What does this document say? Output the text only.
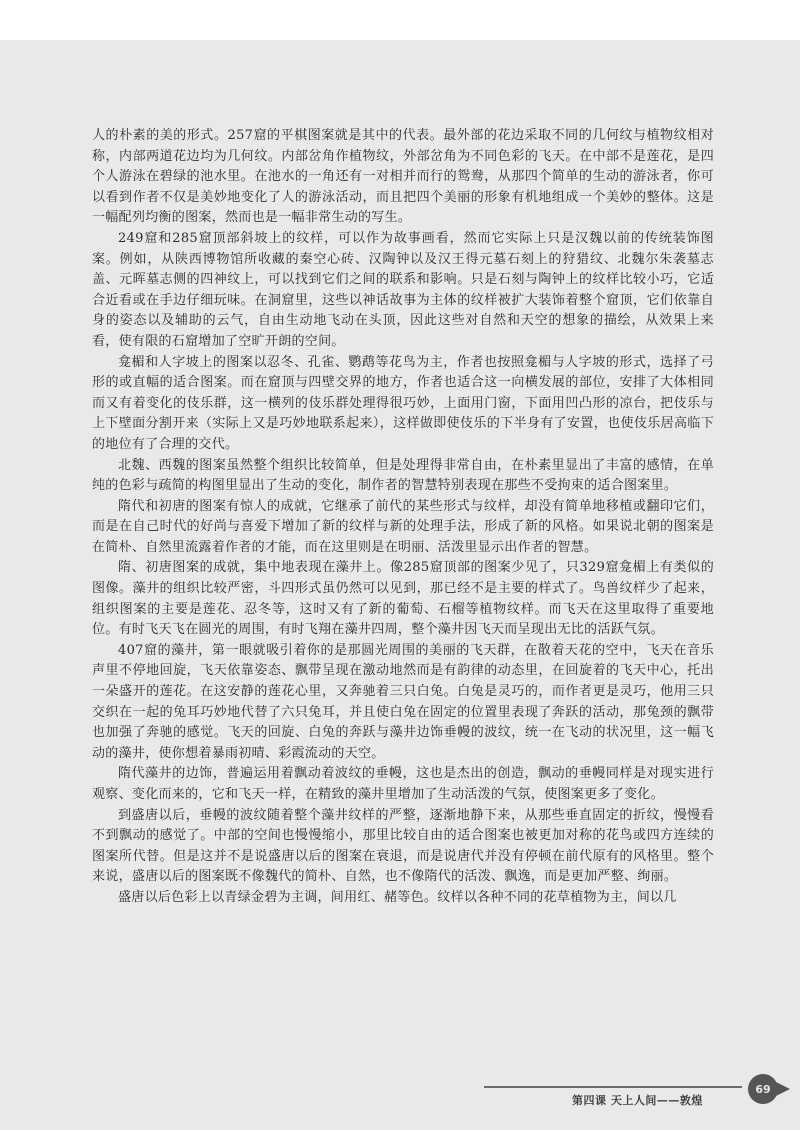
人的朴素的美的形式。257窟的平棋图案就是其中的代表。最外部的花边采取不同的几何纹与植物纹相对称，内部两道花边均为几何纹。内部岔角作植物纹，外部岔角为不同色彩的飞天。在中部不是莲花，是四个人游泳在碧绿的池水里。在池水的一角还有一对相并而行的鸳鸯，从那四个简单的生动的游泳者，你可以看到作者不仅是美妙地变化了人的游泳活动，而且把四个美丽的形象有机地组成一个美妙的整体。这是一幅配列均衡的图案，然而也是一幅非常生动的写生。

249窟和285窟顶部斜坡上的纹样，可以作为故事画看，然而它实际上只是汉魏以前的传统装饰图案。例如，从陕西博物馆所收藏的秦空心砖、汉陶钟以及汉王得元墓石刻上的狩猎纹、北魏尔朱袭墓志盖、元晖墓志侧的四神纹上，可以找到它们之间的联系和影响。只是石刻与陶钟上的纹样比较小巧，它适合近看或在手边仔细玩味。在洞窟里，这些以神话故事为主体的纹样被扩大装饰着整个窟顶，它们依靠自身的姿态以及辅助的云气，自由生动地飞动在头顶，因此这些对自然和天空的想象的描绘，从效果上来看，使有限的石窟增加了空旷开朗的空间。

龛楣和人字坡上的图案以忍冬、孔雀、鹦鹉等花鸟为主，作者也按照龛楣与人字坡的形式，选择了弓形的或直幅的适合图案。而在窟顶与四壁交界的地方，作者也适合这一向横发展的部位，安排了大体相同而又有着变化的伎乐群，这一横列的伎乐群处理得很巧妙，上面用门窗，下面用凹凸形的凉台，把伎乐与上下壁面分割开来（实际上又是巧妙地联系起来），这样做即使伎乐的下半身有了安置，也使伎乐居高临下的地位有了合理的交代。

北魏、西魏的图案虽然整个组织比较简单，但是处理得非常自由，在朴素里显出了丰富的感情，在单纯的色彩与疏简的构图里显出了生动的变化，制作者的智慧特别表现在那些不受拘束的适合图案里。

隋代和初唐的图案有惊人的成就，它继承了前代的某些形式与纹样，却没有简单地移植或翻印它们，而是在自己时代的好尚与喜爱下增加了新的纹样与新的处理手法，形成了新的风格。如果说北朝的图案是在简朴、自然里流露着作者的才能，而在这里则是在明丽、活泼里显示出作者的智慧。

隋、初唐图案的成就，集中地表现在藻井上。像285窟顶部的图案少见了，只329窟龛楣上有类似的图像。藻井的组织比较严密，斗四形式虽仍然可以见到，那已经不是主要的样式了。鸟兽纹样少了起来，组织图案的主要是莲花、忍冬等，这时又有了新的葡萄、石榴等植物纹样。而飞天在这里取得了重要地位。有时飞天飞在圆光的周围，有时飞翔在藻井四周，整个藻井因飞天而呈现出无比的活跃气氛。

407窟的藻井，第一眼就吸引着你的是那圆光周围的美丽的飞天群，在散着天花的空中，飞天在音乐声里不停地回旋，飞天依靠姿态、飘带呈现在激动地然而是有韵律的动态里，在回旋着的飞天中心，托出一朵盛开的莲花。在这安静的莲花心里，又奔驰着三只白兔。白兔是灵巧的，而作者更是灵巧，他用三只交织在一起的兔耳巧妙地代替了六只兔耳，并且使白兔在固定的位置里表现了奔跃的活动，那兔颈的飘带也加强了奔驰的感觉。飞天的回旋、白兔的奔跃与藻井边饰垂幔的波纹，统一在飞动的状况里，这一幅飞动的藻井，使你想着暴雨初晴、彩霞流动的天空。

隋代藻井的边饰，普遍运用着飘动着波纹的垂幔，这也是杰出的创造，飘动的垂幔同样是对现实进行观察、变化而来的，它和飞天一样，在精致的藻井里增加了生动活泼的气氛，使图案更多了变化。

到盛唐以后，垂幔的波纹随着整个藻井纹样的严整，逐渐地静下来，从那些垂直固定的折纹，慢慢看不到飘动的感觉了。中部的空间也慢慢缩小，那里比较自由的适合图案也被更加对称的花鸟或四方连续的图案所代替。但是这并不是说盛唐以后的图案在衰退，而是说唐代并没有停顿在前代原有的风格里。整个来说，盛唐以后的图案既不像魏代的简朴、自然，也不像隋代的活泼、飘逸，而是更加严整、绚丽。

盛唐以后色彩上以青绿金碧为主调，间用红、赭等色。纹样以各种不同的花草植物为主，间以几

第四课 天上人间——敦煌
69
